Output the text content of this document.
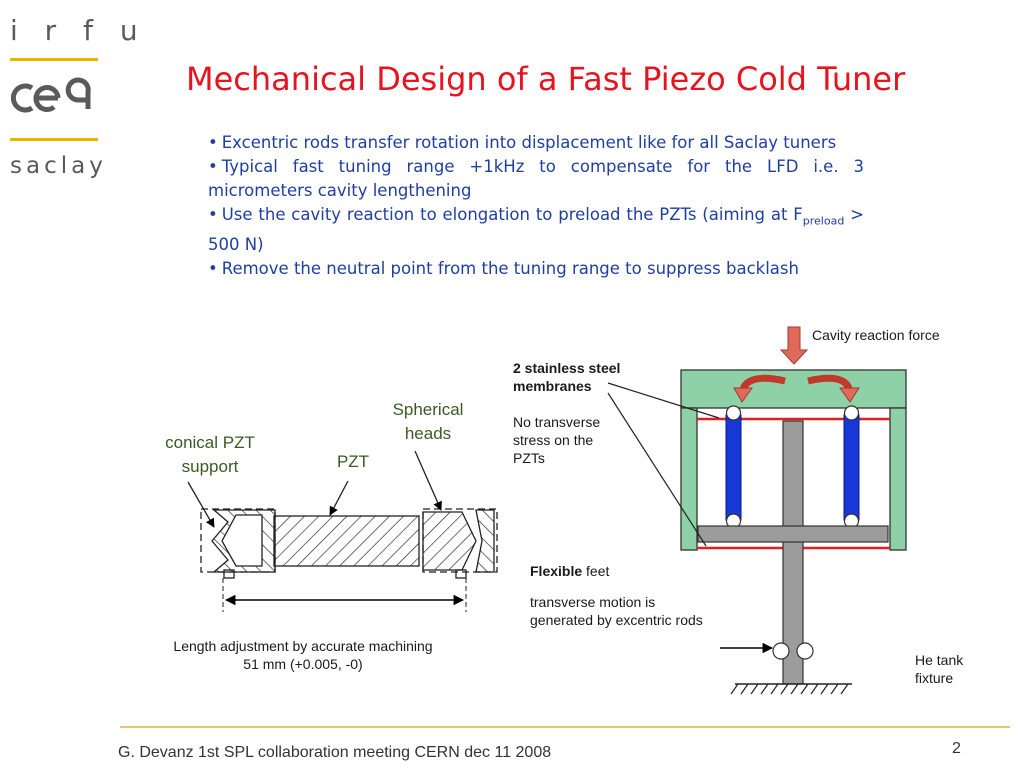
i r f u
saclay
Mechanical Design of a Fast Piezo Cold Tuner
• Excentric rods transfer rotation into displacement like for all Saclay tuners
• Typical fast tuning range +1kHz to compensate for the LFD i.e. 3 micrometers cavity lengthening
• Use the cavity reaction to elongation to preload the PZTs (aiming at $F_{preload} > 500$ N)
• Remove the neutral point from the tuning range to suppress backlash
conical PZT support	PZT
Spherical heads
Length adjustment by accurate machining
51 mm (+0.005, -0)
Cavity reaction force
2 stainless steel membranes
No transverse stress on the PZTs
Flexible feet
transverse motion is generated by excentric rods
He tank fixture
G. Devanz 1st SPL collaboration meeting CERN dec 11 2008	2
